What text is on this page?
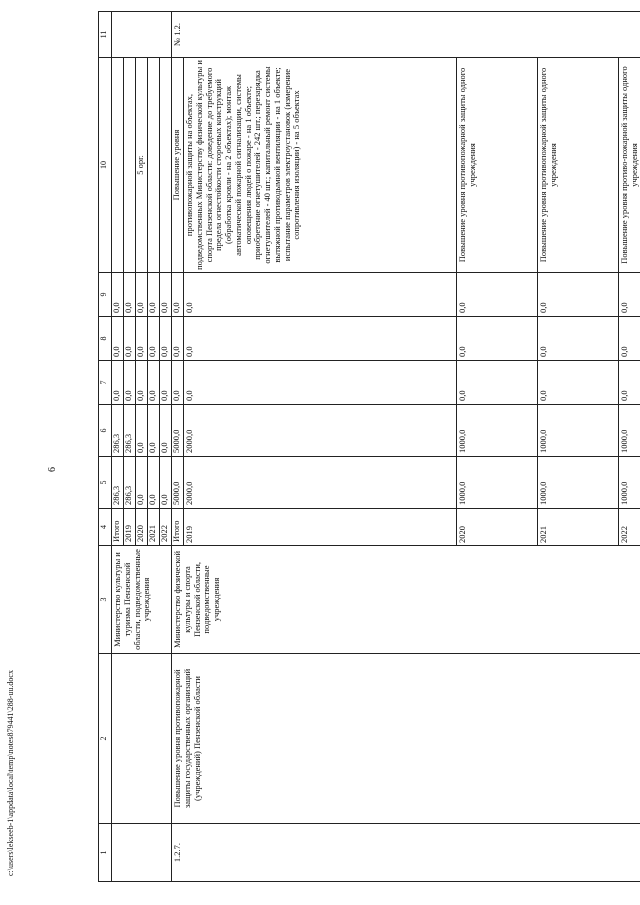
6
c:\users\lekseeb-1\appdata\local\temp\notes879441\288-uu.docx	1	2	3	4	5	6	7	8	9	10	11
		Министерство культуры и туризма Пензенской области, подведомственные учреждения	Итого	286,3	286,3	0,0	0,0	0,0		
			2019	286,3	286,3	0,0	0,0	0,0		
			2020	0,0	0,0	0,0	0,0	0,0	5 орг.	
			2021	0,0	0,0	0,0	0,0	0,0		
			2022	0,0	0,0	0,0	0,0	0,0		
1.2.7.	Повышение уровня противопожарной защиты государственных организаций (учреждений) Пензенской области	Министерство физической культуры и спорта Пензенской области, подведомственные учреждения	Итого	5000,0	5000,0	0,0	0,0	0,0	Повышение уровня	№ 1.2.
			2019	2000,0	2000,0	0,0	0,0	0,0	противопожарной защиты на объектах, подведомственных Министерству физической культуры и спорта Пензенской области: доведение до требуемого предела огнестойкости стороевых конструкций (обработка кровли - на 2 объектах); монтаж автоматической пожарной сигнализации, системы оповещения людей о пожаре - на 1 объекте; приобретение огнетушителей - 242 шт.; перезарядка огнетушителей - 40 шт.; капитальный ремонт системы вытяжной противодымной вентиляции - на 1 объекте; испытание параметров электроустановок (измерение сопротивления изоляции) - на 5 объектах	
			2020	1000,0	1000,0	0,0	0,0	0,0	Повышение уровня противопожарной защиты одного учреждения	
			2021	1000,0	1000,0	0,0	0,0	0,0	Повышение уровня противопожарной защиты одного учреждения	
			2022	1000,0	1000,0	0,0	0,0	0,0	Повышение уровня противо-пожарной защиты одного учреждения	
